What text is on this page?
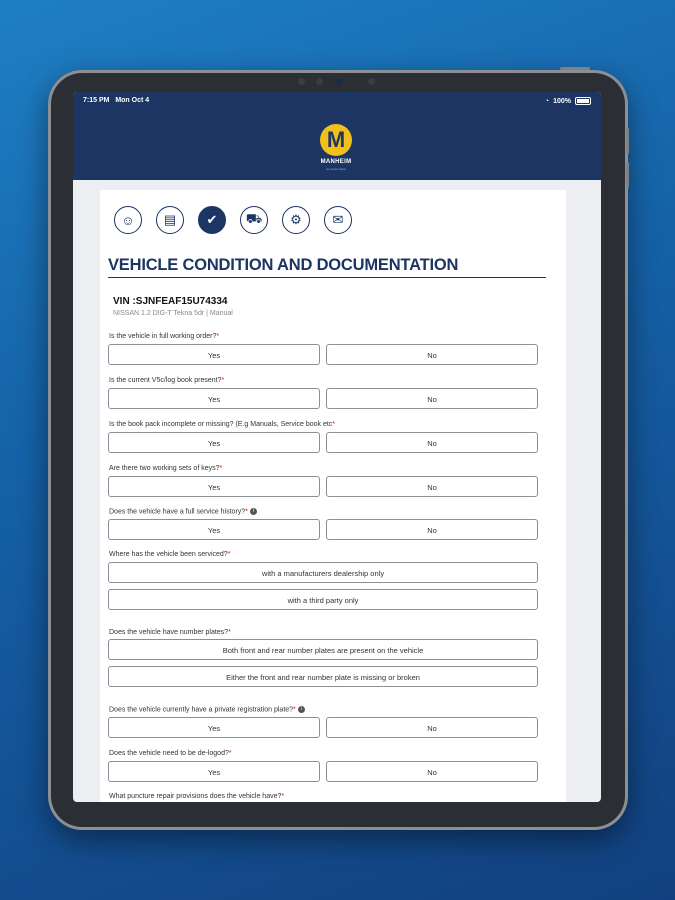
M
MANHEIM
cox automotive
7:15 PM Mon Oct 4	◔ 100%
☺	▤	✔	⛟	⚙	✉
VEHICLE CONDITION AND DOCUMENTATION
VIN :SJNFEAF15U74334
NISSAN 1.2 DIG-T Tekna 5dr | Manual
Is the vehicle in full working order?*
Yes	No
Is the current V5c/log book present?*
Yes	No
Is the book pack incomplete or missing? (E.g Manuals, Service book etc*
Yes	No
Are there two working sets of keys?*
Yes	No
Does the vehicle have a full service history?* i
Yes	No
Where has the vehicle been serviced?*
with a manufacturers dealership only
with a third party only
Does the vehicle have number plates?*
Both front and rear number plates are present on the vehicle
Either the front and rear number plate is missing or broken
Does the vehicle currently have a private registration plate?* i
Yes	No
Does the vehicle need to be de-logod?*
Yes	No
What puncture repair provisions does the vehicle have?*
